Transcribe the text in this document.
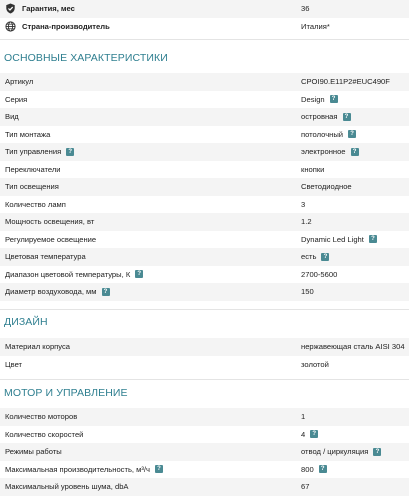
Гарантия, мес	36
Страна-производитель	Италия*
ОСНОВНЫЕ ХАРАКТЕРИСТИКИ
Артикул	CPOI90.E11P2#EUC490F
Серия	Design	?
Вид	островная	?
Тип монтажа	потолочный	?
Тип управления	?	электронное	?
Переключатели	кнопки
Тип освещения	Светодиодное
Количество ламп	3
Мощность освещения, вт	1.2
Регулируемое освещение	Dynamic Led Light	?
Цветовая температура	есть	?
Диапазон цветовой температуры, К	?	2700-5600
Диаметр воздуховода, мм	?	150
ДИЗАЙН
Материал корпуса	нержавеющая сталь AISI 304
Цвет	золотой
МОТОР И УПРАВЛЕНИЕ
Количество моторов	1
Количество скоростей	4	?
Режимы работы	отвод / циркуляция	?
Максимальная производительность, м³/ч	?	800	?
Максимальный уровень шума, dbA	67
